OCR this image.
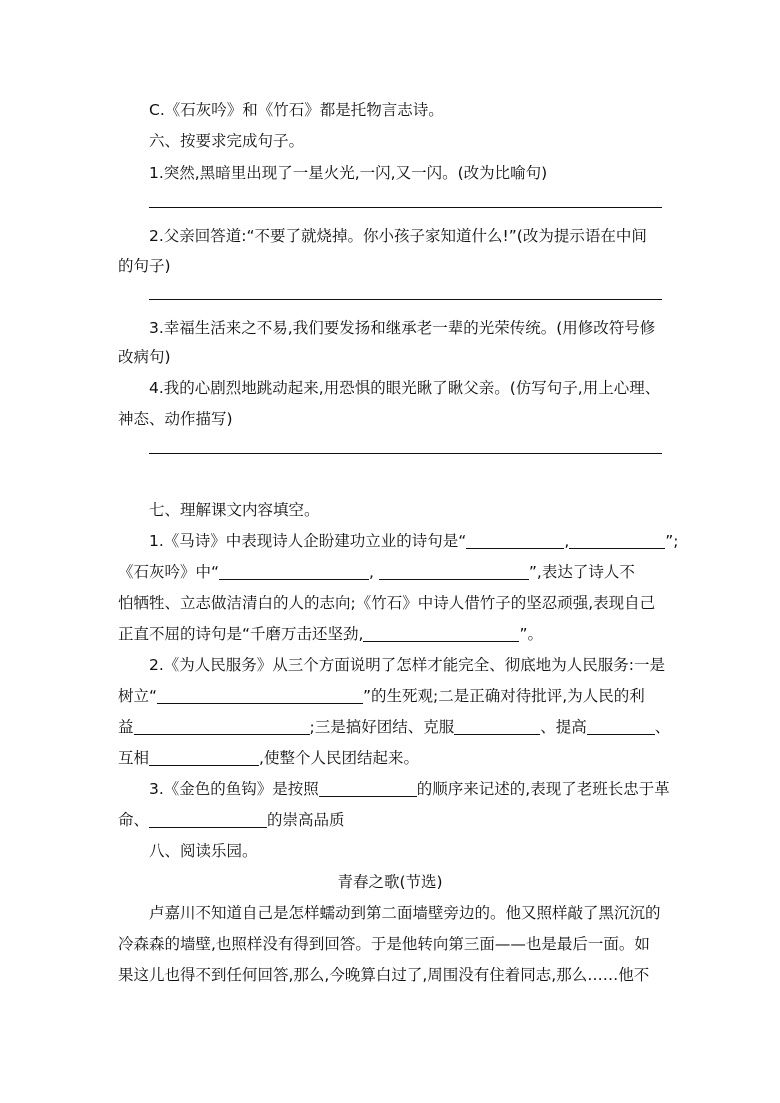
C.《石灰吟》和《竹石》都是托物言志诗。
六、按要求完成句子。
1.突然,黑暗里出现了一星火光,一闪,又一闪。(改为比喻句)
2.父亲回答道:“不要了就烧掉。你小孩子家知道什么!”(改为提示语在中间
的句子)
3.幸福生活来之不易,我们要发扬和继承老一辈的光荣传统。(用修改符号修
改病句)
4.我的心剧烈地跳动起来,用恐惧的眼光瞅了瞅父亲。(仿写句子,用上心理、
神态、动作描写)
七、理解课文内容填空。
1.《马诗》中表现诗人企盼建功立业的诗句是“	,	”;
《石灰吟》中“	,	”,表达了诗人不
怕牺牲、立志做洁清白的人的志向;《竹石》中诗人借竹子的坚忍顽强,表现自己
正直不屈的诗句是“千磨万击还坚劲,	”。
2.《为人民服务》从三个方面说明了怎样才能完全、彻底地为人民服务:一是
树立“	”的生死观;二是正确对待批评,为人民的利
益	;三是搞好团结、克服	、提高	、
互相	,使整个人民团结起来。
3.《金色的鱼钩》是按照	的顺序来记述的,表现了老班长忠于革
命、	的崇高品质
八、阅读乐园。
青春之歌(节选)
卢嘉川不知道自己是怎样蠕动到第二面墙壁旁边的。他又照样敲了黑沉沉的
冷森森的墙壁,也照样没有得到回答。于是他转向第三面——也是最后一面。如
果这儿也得不到任何回答,那么,今晚算白过了,周围没有住着同志,那么……他不
